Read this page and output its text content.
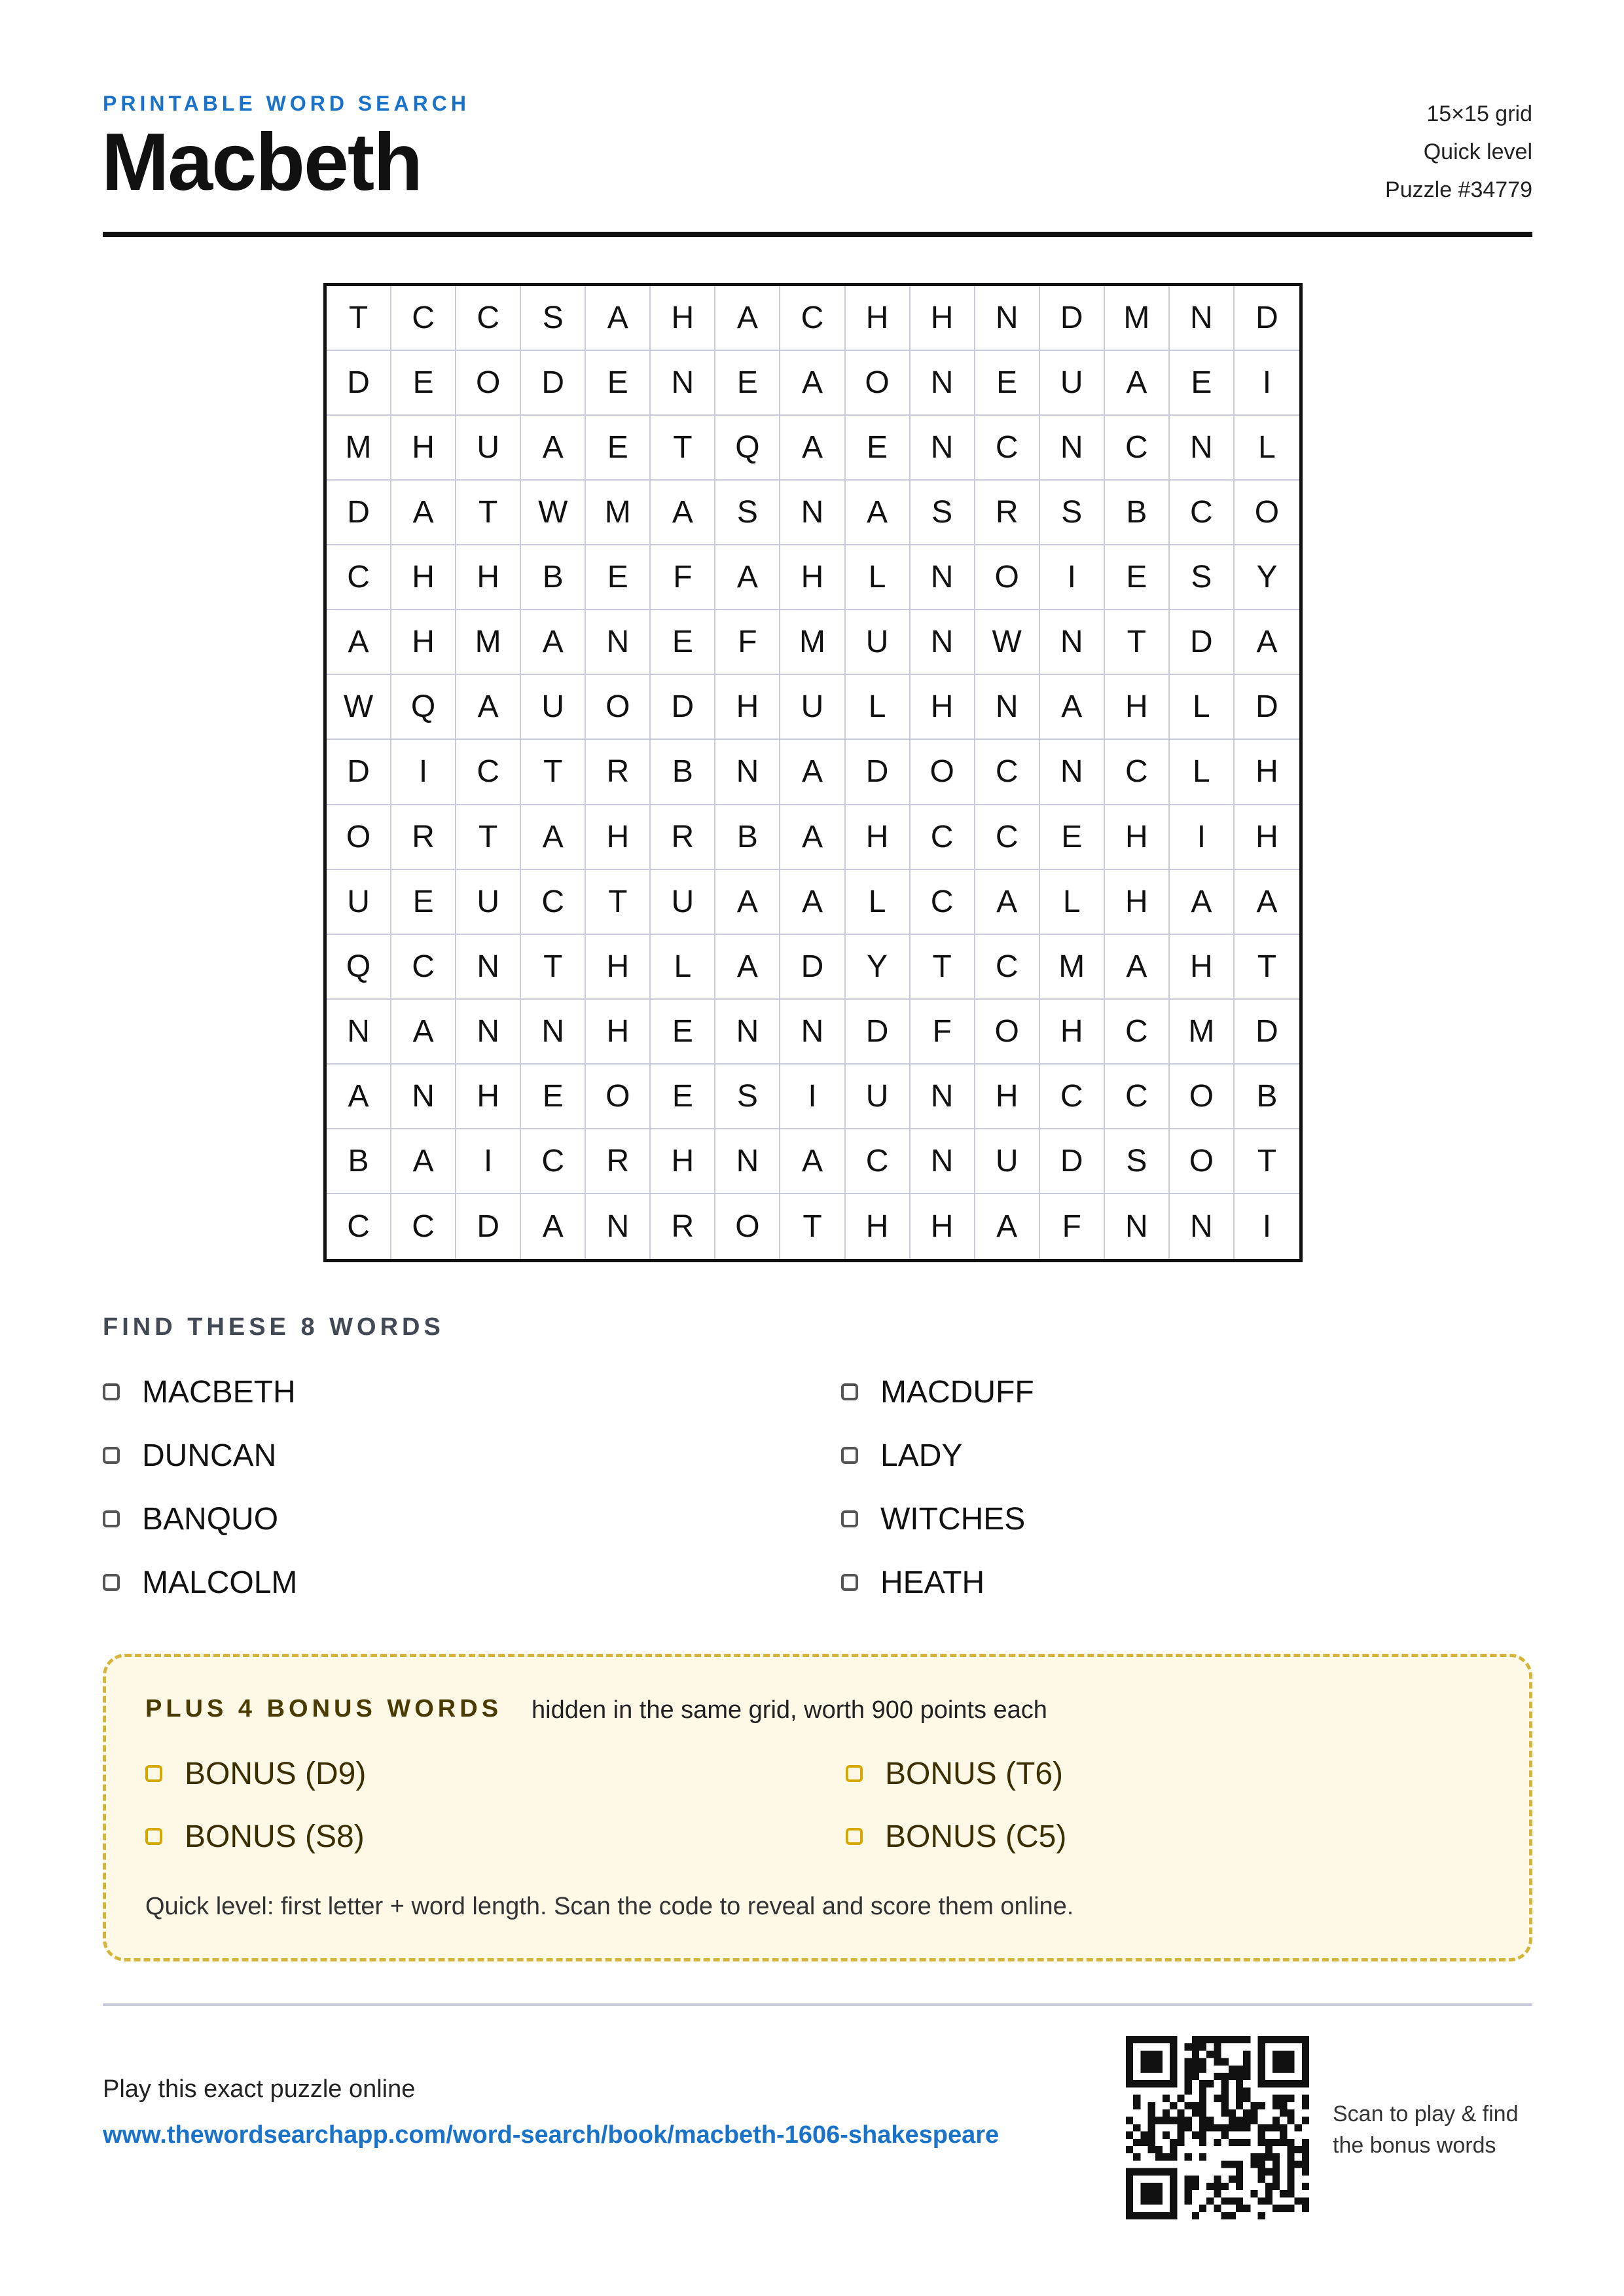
PRINTABLE WORD SEARCH
Macbeth
15×15 grid
Quick level
Puzzle #34779
T	C	C	S	A	H	A	C	H	H	N	D	M	N	D
D	E	O	D	E	N	E	A	O	N	E	U	A	E	I
M	H	U	A	E	T	Q	A	E	N	C	N	C	N	L
D	A	T	W	M	A	S	N	A	S	R	S	B	C	O
C	H	H	B	E	F	A	H	L	N	O	I	E	S	Y
A	H	M	A	N	E	F	M	U	N	W	N	T	D	A
W	Q	A	U	O	D	H	U	L	H	N	A	H	L	D
D	I	C	T	R	B	N	A	D	O	C	N	C	L	H
O	R	T	A	H	R	B	A	H	C	C	E	H	I	H
U	E	U	C	T	U	A	A	L	C	A	L	H	A	A
Q	C	N	T	H	L	A	D	Y	T	C	M	A	H	T
N	A	N	N	H	E	N	N	D	F	O	H	C	M	D
A	N	H	E	O	E	S	I	U	N	H	C	C	O	B
B	A	I	C	R	H	N	A	C	N	U	D	S	O	T
C	C	D	A	N	R	O	T	H	H	A	F	N	N	I
FIND THESE 8 WORDS
MACBETH	MACDUFF
DUNCAN	LADY
BANQUO	WITCHES
MALCOLM	HEATH
PLUS 4 BONUS WORDS hidden in the same grid, worth 900 points each
BONUS (D9)	BONUS (T6)
BONUS (S8)	BONUS (C5)
Quick level: first letter + word length. Scan the code to reveal and score them online.
Play this exact puzzle online
www.thewordsearchapp.com/word-search/book/macbeth-1606-shakespeare
Scan to play & find the bonus words
